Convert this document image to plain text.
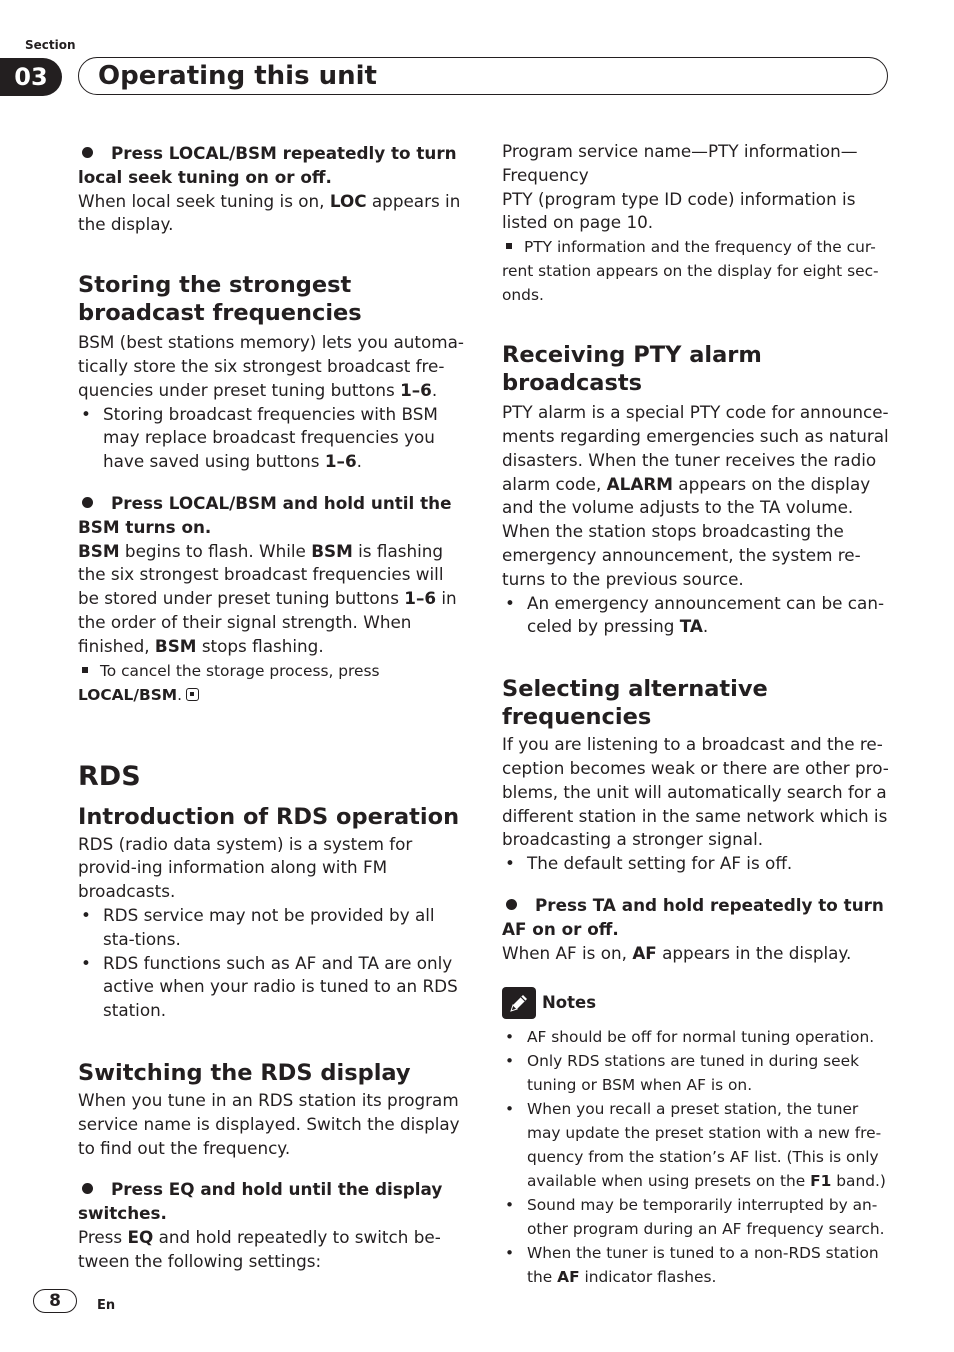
Section
03	Operating this unit

Press LOCAL/BSM repeatedly to turn local seek tuning on or off.

When local seek tuning is on, LOC appears in the display.

Storing the strongest broadcast frequencies

BSM (best stations memory) lets you automa-tically store the six strongest broadcast fre-quencies under preset tuning buttons 1–6.

• Storing broadcast frequencies with BSM may replace broadcast frequencies you have saved using buttons 1–6.

Press LOCAL/BSM and hold until the BSM turns on.

BSM begins to flash. While BSM is flashing the six strongest broadcast frequencies will be stored under preset tuning buttons 1–6 in the order of their signal strength. When finished, BSM stops flashing.

To cancel the storage process, press
LOCAL/BSM.

RDS

Introduction of RDS operation

RDS (radio data system) is a system for provid-ing information along with FM broadcasts.

• RDS service may not be provided by all sta-tions.
• RDS functions such as AF and TA are only active when your radio is tuned to an RDS station.

Switching the RDS display

When you tune in an RDS station its program service name is displayed. Switch the display to find out the frequency.

Press EQ and hold until the display switches.

Press EQ and hold repeatedly to switch be-tween the following settings:

Program service name—PTY information—Frequency

PTY (program type ID code) information is listed on page 10.

PTY information and the frequency of the cur-rent station appears on the display for eight sec-onds.

Receiving PTY alarm broadcasts

PTY alarm is a special PTY code for announce-ments regarding emergencies such as natural disasters. When the tuner receives the radio alarm code, ALARM appears on the display and the volume adjusts to the TA volume. When the station stops broadcasting the emergency announcement, the system re-turns to the previous source.

• An emergency announcement can be can-celed by pressing TA.

Selecting alternative frequencies

If you are listening to a broadcast and the re-ception becomes weak or there are other pro-blems, the unit will automatically search for a different station in the same network which is broadcasting a stronger signal.

• The default setting for AF is off.

Press TA and hold repeatedly to turn AF on or off.

When AF is on, AF appears in the display.

Notes
• AF should be off for normal tuning operation.
• Only RDS stations are tuned in during seek tuning or BSM when AF is on.
• When you recall a preset station, the tuner may update the preset station with a new fre-quency from the station’s AF list. (This is only available when using presets on the F1 band.)
• Sound may be temporarily interrupted by an-other program during an AF frequency search.
• When the tuner is tuned to a non-RDS station the AF indicator flashes.
8	En
